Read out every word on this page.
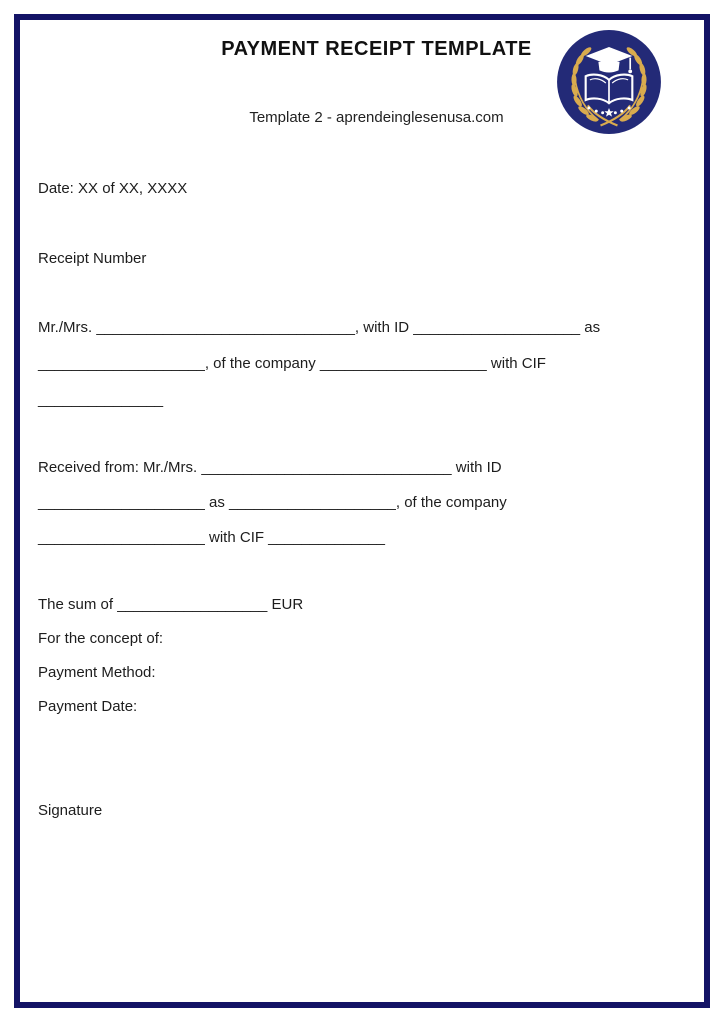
PAYMENT RECEIPT TEMPLATE
Template 2 - aprendeinglesenusa.com
Date: XX of XX, XXXX
Receipt Number
Mr./Mrs. _______________________________, with ID ____________________ as
____________________, of the company ____________________ with CIF
_______________
Received from: Mr./Mrs. ______________________________ with ID
____________________ as ____________________, of the company
____________________ with CIF ______________
The sum of __________________ EUR
For the concept of:
Payment Method:
Payment Date:
Signature
